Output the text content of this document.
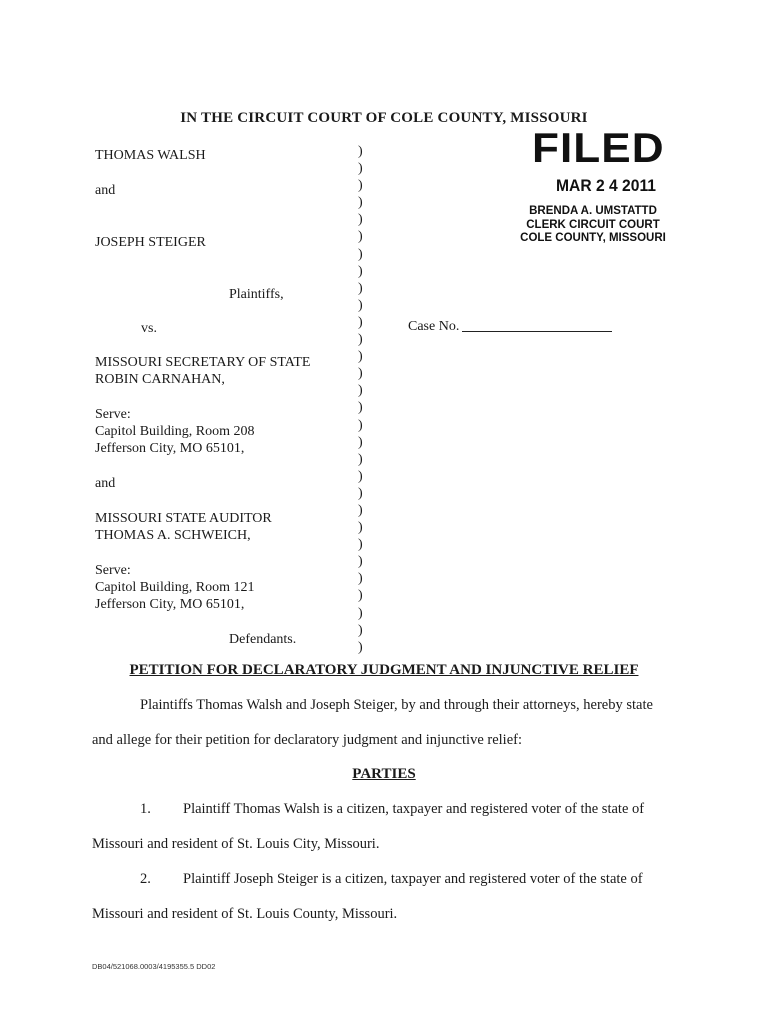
IN THE CIRCUIT COURT OF COLE COUNTY, MISSOURI
THOMAS WALSH
and
JOSEPH STEIGER
Plaintiffs,
vs.
MISSOURI SECRETARY OF STATE
ROBIN CARNAHAN,
Serve:
Capitol Building, Room 208
Jefferson City, MO 65101,
and
MISSOURI STATE AUDITOR
THOMAS A. SCHWEICH,
Serve:
Capitol Building, Room 121
Jefferson City, MO 65101,
Defendants.
)
)
)
)
)
)
)
)
)
)
)
)
)
)
)
)
)
)
)
)
)
)
)
)
)
)
)
)
)
)
FILED
MAR 2 4 2011
BRENDA A. UMSTATTD
CLERK CIRCUIT COURT
COLE COUNTY, MISSOURI
Case No.
PETITION FOR DECLARATORY JUDGMENT AND INJUNCTIVE RELIEF
Plaintiffs Thomas Walsh and Joseph Steiger, by and through their attorneys, hereby state
and allege for their petition for declaratory judgment and injunctive relief:
PARTIES
1. Plaintiff Thomas Walsh is a citizen, taxpayer and registered voter of the state of
Missouri and resident of St. Louis City, Missouri.
2. Plaintiff Joseph Steiger is a citizen, taxpayer and registered voter of the state of
Missouri and resident of St. Louis County, Missouri.
DB04/521068.0003/4195355.5 DD02
